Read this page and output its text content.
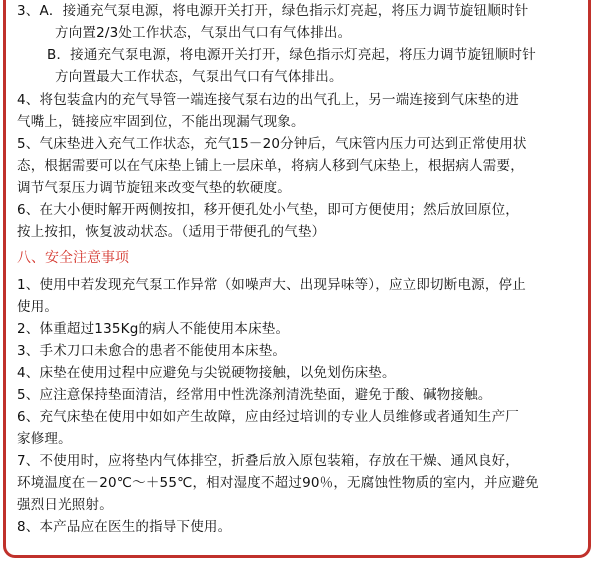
3、A．接通充气泵电源，将电源开关打开，绿色指示灯亮起，将压力调节旋钮顺时针
方向置2/3处工作状态，气泵出气口有气体排出。
B．接通充气泵电源，将电源开关打开，绿色指示灯亮起，将压力调节旋钮顺时针
方向置最大工作状态，气泵出气口有气体排出。
4、将包装盒内的充气导管一端连接气泵右边的出气孔上，另一端连接到气床垫的进
气嘴上，链接应牢固到位，不能出现漏气现象。
5、气床垫进入充气工作状态，充气15－20分钟后，气床管内压力可达到正常使用状
态，根据需要可以在气床垫上铺上一层床单，将病人移到气床垫上，根据病人需要，
调节气泵压力调节旋钮来改变气垫的软硬度。
6、在大小便时解开两侧按扣，移开便孔处小气垫，即可方便使用；然后放回原位，
按上按扣，恢复波动状态。（适用于带便孔的气垫）
八、安全注意事项
1、使用中若发现充气泵工作异常（如噪声大、出现异味等），应立即切断电源，停止
使用。
2、体重超过135Kg的病人不能使用本床垫。
3、手术刀口未愈合的患者不能使用本床垫。
4、床垫在使用过程中应避免与尖锐硬物接触，以免划伤床垫。
5、应注意保持垫面清洁，经常用中性洗涤剂清洗垫面，避免于酸、碱物接触。
6、充气床垫在使用中如如产生故障，应由经过培训的专业人员维修或者通知生产厂
家修理。
7、不使用时，应将垫内气体排空，折叠后放入原包装箱，存放在干燥、通风良好，
环境温度在－20℃～＋55℃，相对湿度不超过90％，无腐蚀性物质的室内，并应避免
强烈日光照射。
8、本产品应在医生的指导下使用。
